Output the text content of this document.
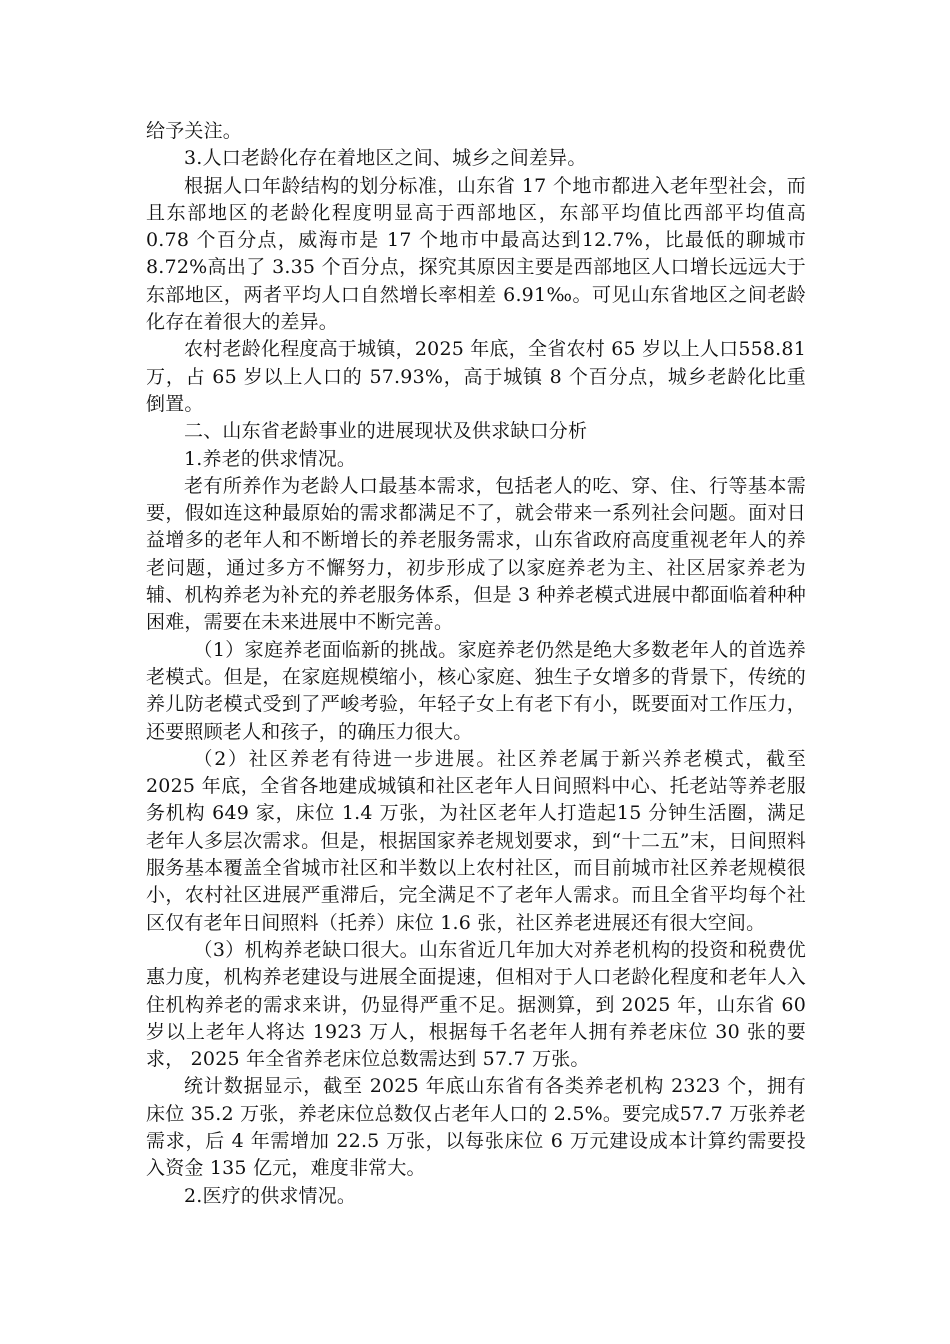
给予关注。

3.人口老龄化存在着地区之间、城乡之间差异。

根据人口年龄结构的划分标准，山东省 17 个地市都进入老年型社会，而且东部地区的老龄化程度明显高于西部地区，东部平均值比西部平均值高 0.78 个百分点，威海市是 17 个地市中最高达到12.7%，比最低的聊城市 8.72%高出了 3.35 个百分点，探究其原因主要是西部地区人口增长远远大于东部地区，两者平均人口自然增长率相差 6.91‰。可见山东省地区之间老龄化存在着很大的差异。

农村老龄化程度高于城镇，2025 年底，全省农村 65 岁以上人口558.81 万，占 65 岁以上人口的 57.93%，高于城镇 8 个百分点，城乡老龄化比重倒置。

二、山东省老龄事业的进展现状及供求缺口分析

1.养老的供求情况。

老有所养作为老龄人口最基本需求，包括老人的吃、穿、住、行等基本需要，假如连这种最原始的需求都满足不了，就会带来一系列社会问题。面对日益增多的老年人和不断增长的养老服务需求，山东省政府高度重视老年人的养老问题，通过多方不懈努力，初步形成了以家庭养老为主、社区居家养老为辅、机构养老为补充的养老服务体系，但是 3 种养老模式进展中都面临着种种困难，需要在未来进展中不断完善。

（1）家庭养老面临新的挑战。家庭养老仍然是绝大多数老年人的首选养老模式。但是，在家庭规模缩小，核心家庭、独生子女增多的背景下，传统的养儿防老模式受到了严峻考验，年轻子女上有老下有小，既要面对工作压力，还要照顾老人和孩子，的确压力很大。

（2）社区养老有待进一步进展。社区养老属于新兴养老模式，截至 2025 年底，全省各地建成城镇和社区老年人日间照料中心、托老站等养老服务机构 649 家，床位 1.4 万张，为社区老年人打造起15 分钟生活圈，满足老年人多层次需求。但是，根据国家养老规划要求，到“十二五”末，日间照料服务基本覆盖全省城市社区和半数以上农村社区，而目前城市社区养老规模很小，农村社区进展严重滞后，完全满足不了老年人需求。而且全省平均每个社区仅有老年日间照料（托养）床位 1.6 张，社区养老进展还有很大空间。

（3）机构养老缺口很大。山东省近几年加大对养老机构的投资和税费优惠力度，机构养老建设与进展全面提速，但相对于人口老龄化程度和老年人入住机构养老的需求来讲，仍显得严重不足。据测算，到 2025 年，山东省 60 岁以上老年人将达 1923 万人，根据每千名老年人拥有养老床位 30 张的要求， 2025 年全省养老床位总数需达到 57.7 万张。

统计数据显示，截至 2025 年底山东省有各类养老机构 2323 个，拥有床位 35.2 万张，养老床位总数仅占老年人口的 2.5%。要完成57.7 万张养老需求，后 4 年需增加 22.5 万张，以每张床位 6 万元建设成本计算约需要投入资金 135 亿元，难度非常大。

2.医疗的供求情况。
